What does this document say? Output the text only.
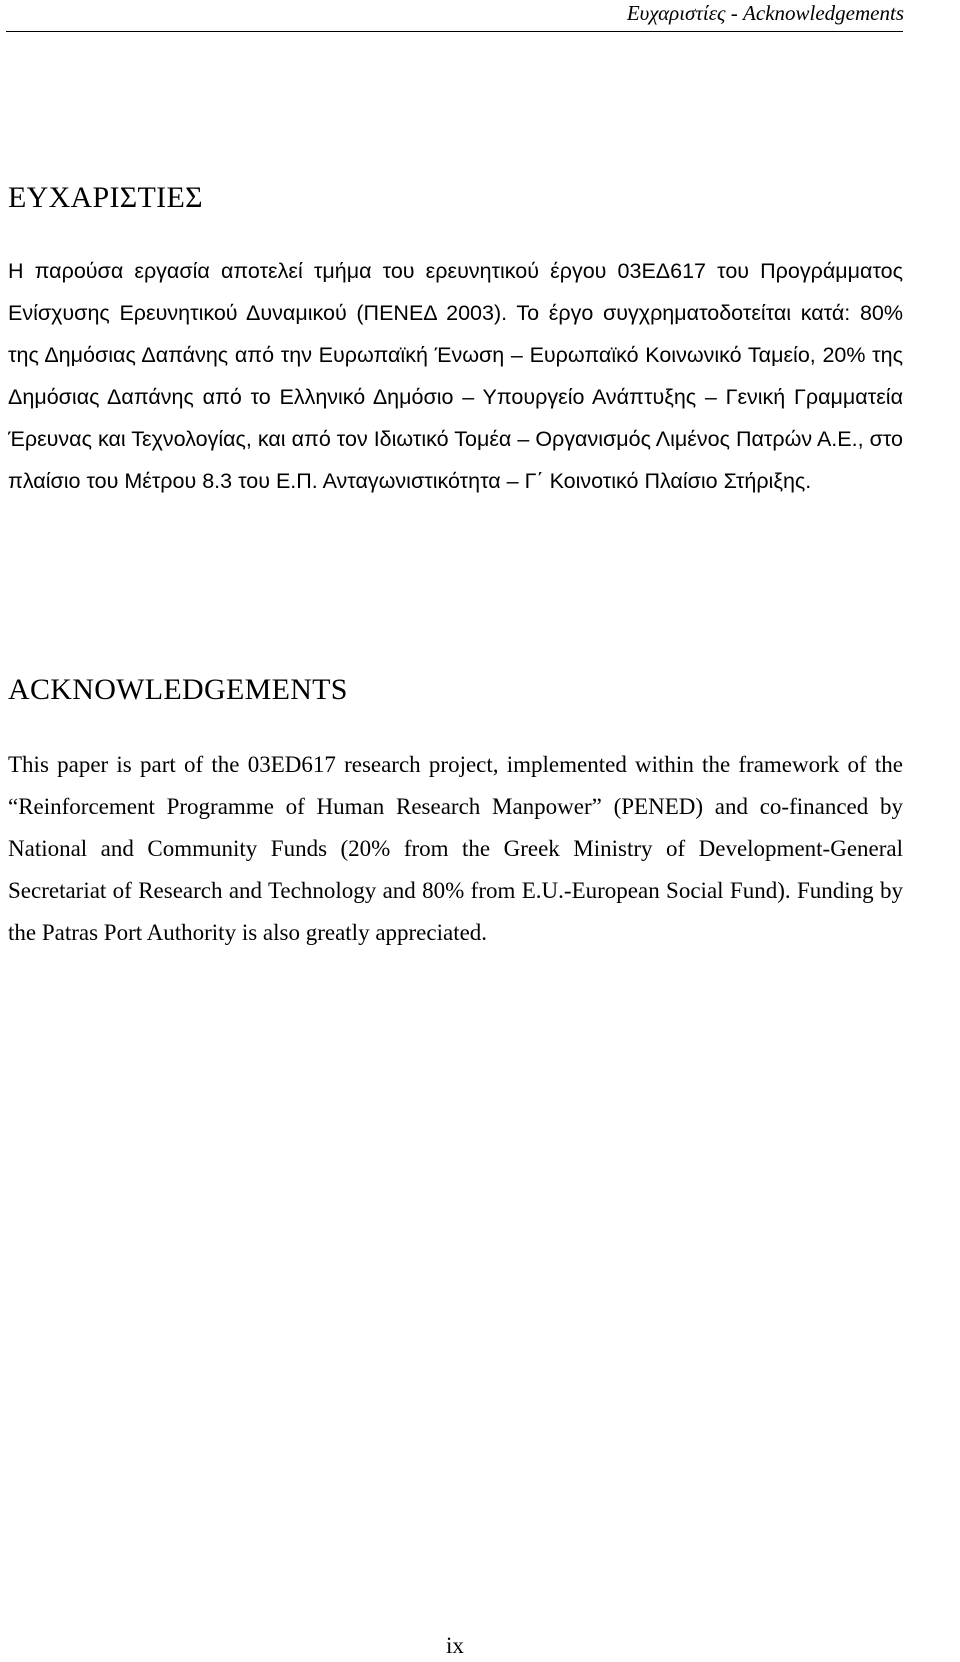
Ευχαριστίες - Acknowledgements
ΕΥΧΑΡΙΣΤΙΕΣ

Η παρούσα εργασία αποτελεί τμήμα του ερευνητικού έργου 03ΕΔ617 του Προγράμματος Ενίσχυσης Ερευνητικού Δυναμικού (ΠΕΝΕΔ 2003). Το έργο συγχρηματοδοτείται κατά: 80% της Δημόσιας Δαπάνης από την Ευρωπαϊκή Ένωση – Ευρωπαϊκό Κοινωνικό Ταμείο, 20% της Δημόσιας Δαπάνης από το Ελληνικό Δημόσιο – Υπουργείο Ανάπτυξης – Γενική Γραμματεία Έρευνας και Τεχνολογίας, και από τον Ιδιωτικό Τομέα – Οργανισμός Λιμένος Πατρών Α.Ε., στο πλαίσιο του Μέτρου 8.3 του Ε.Π. Ανταγωνιστικότητα – Γ΄ Κοινοτικό Πλαίσιο Στήριξης.

ACKNOWLEDGEMENTS

This paper is part of the 03ED617 research project, implemented within the framework of the “Reinforcement Programme of Human Research Manpower” (PENED) and co-financed by National and Community Funds (20% from the Greek Ministry of Development-General Secretariat of Research and Technology and 80% from E.U.-European Social Fund). Funding by the Patras Port Authority is also greatly appreciated.

ix
